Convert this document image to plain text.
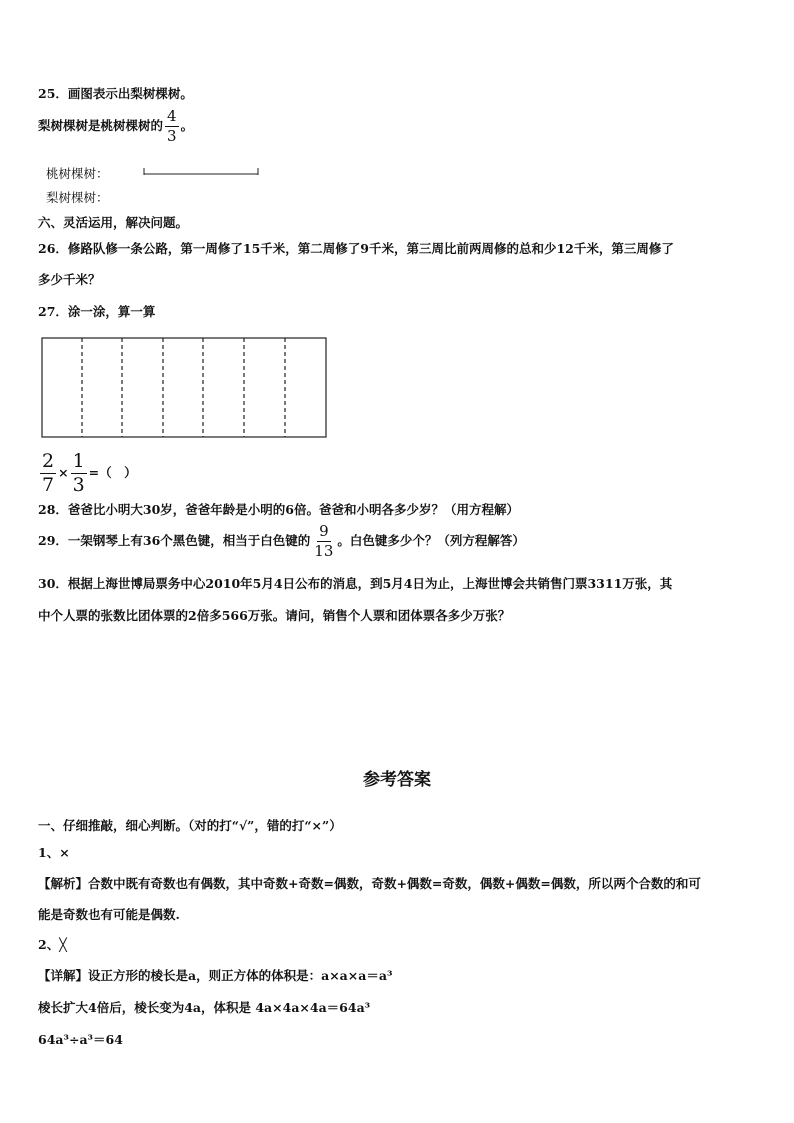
25．画图表示出梨树棵树。
梨树棵树是桃树棵树的 $\frac{4}{3}$ 。
桃树棵树：
梨树棵树：
六、灵活运用，解决问题。
26．修路队修一条公路，第一周修了15千米，第二周修了9千米，第三周比前两周修的总和少12千米，第三周修了
多少千米？
27．涂一涂，算一算
$\frac{2}{7} \times \frac{1}{3}$ =（　）
28．爸爸比小明大30岁，爸爸年龄是小明的6倍。爸爸和小明各多少岁？（用方程解）
29．一架钢琴上有36个黑色键，相当于白色键的 $\frac{9}{13}$ 。白色键多少个？（列方程解答）
30．根据上海世博局票务中心2010年5月4日公布的消息，到5月4日为止，上海世博会共销售门票3311万张，其
中个人票的张数比团体票的2倍多566万张。请问，销售个人票和团体票各多少万张？
参考答案
一、仔细推敲，细心判断。（对的打“√”，错的打“×”）
1、×
【解析】合数中既有奇数也有偶数，其中奇数+奇数=偶数，奇数+偶数=奇数，偶数+偶数=偶数，所以两个合数的和可
能是奇数也有可能是偶数.
2、╳
【详解】设正方形的棱长是a，则正方体的体积是：a×a×a＝a³
棱长扩大4倍后，棱长变为4a，体积是 4a×4a×4a＝64a³
64a³÷a³＝64
